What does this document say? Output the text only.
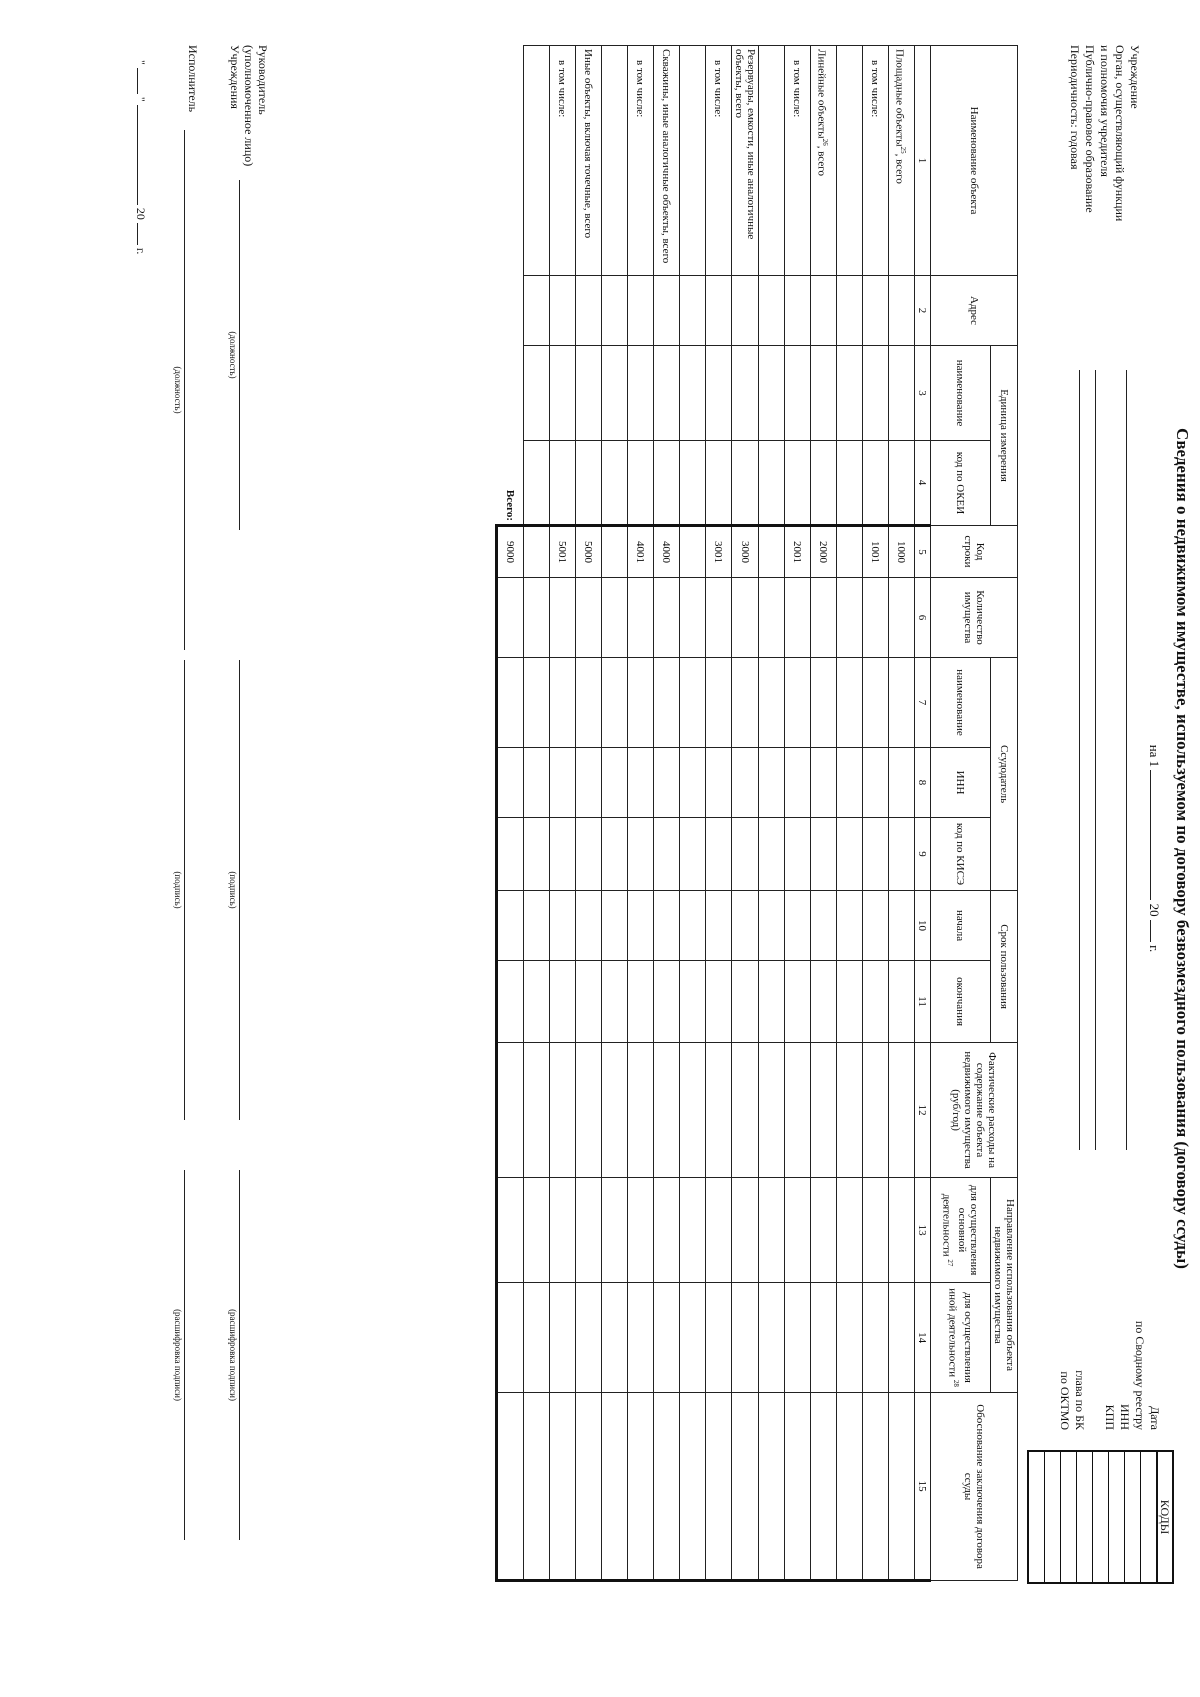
Сведения о недвижимом имуществе, используемом по договору безвозмездного пользования (договору ссуды)
на 1  20  г.
Учреждение
Орган, осуществляющий функции
и полномочия учредителя
Публично-правовое образование
Периодичность: годовая
Дата
по Сводному реестру
ИНН
КПП

глава по БК
по ОКТМО
КОДЫ
Наименование объекта	Адрес	Единица измерения		Код строки	Количество имущества	Ссудодатель			Срок пользования		Фактические расходы на содержание объекта недвижимого имущества (руб/год)	Направление использования объекта недвижимого имущества		Обоснование заключения договора ссуды
		наименование	код по ОКЕИ			наименование	ИНН	код по КИСЭ	начала	окончания		для осуществления основной деятельности $^{27}$	для осуществления иной деятельности $^{28}$
1	2	3	4	5	6	7	8	9	10	11	12	13	14	15
Площадные объекты$^{25}$, всего				1000										
в том числе:				1001										

Линейные объекты$^{26}$, всего				2000										
в том числе:				2001										

Резервуары, емкости, иные аналогичные объекты, всего				3000										
в том числе:				3001										

Скважины, иные аналогичные объекты, всего				4000										
в том числе:				4001										

Иные объекты, включая точечные, всего				5000										
в том числе:				5001										

Всего:				9000										
Руководитель
(уполномоченное лицо)
Учреждения
(должность)
(подпись)
(расшифровка подписи)
Исполнитель
(должность)
(подпись)
(расшифровка подписи)
"  "  20  г.
